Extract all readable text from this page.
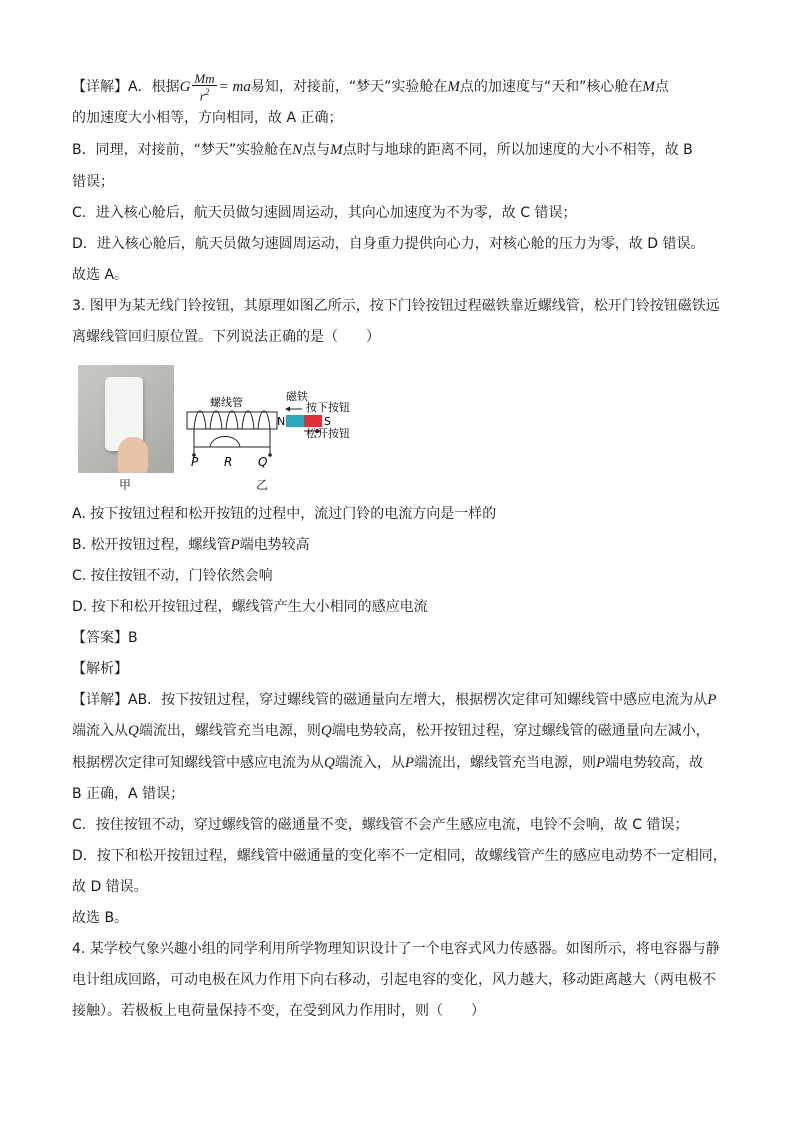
【详解】A．根据G $\frac{Mm}{r^2}$ = ma易知，对接前，“梦天”实验舱在M点的加速度与“天和”核心舱在M点
的加速度大小相等，方向相同，故 A 正确；
B．同理，对接前，“梦天”实验舱在N点与M点时与地球的距离不同，所以加速度的大小不相等，故 B
错误；
C．进入核心舱后，航天员做匀速圆周运动，其向心加速度为不为零，故 C 错误；
D．进入核心舱后，航天员做匀速圆周运动，自身重力提供向心力，对核心舱的压力为零，故 D 错误。
故选 A。
3. 图甲为某无线门铃按钮，其原理如图乙所示，按下门铃按钮过程磁铁靠近螺线管，松开门铃按钮磁铁远
离螺线管回归原位置。下列说法正确的是（　　）
甲
螺线管	磁铁
按下按钮
松开按钮
N	S
P R Q
乙
A. 按下按钮过程和松开按钮的过程中，流过门铃的电流方向是一样的
B. 松开按钮过程，螺线管P端电势较高
C. 按住按钮不动，门铃依然会响
D. 按下和松开按钮过程，螺线管产生大小相同的感应电流
【答案】B
【解析】
【详解】AB．按下按钮过程，穿过螺线管的磁通量向左增大，根据楞次定律可知螺线管中感应电流为从P
端流入从Q端流出，螺线管充当电源，则Q端电势较高，松开按钮过程，穿过螺线管的磁通量向左减小，
根据楞次定律可知螺线管中感应电流为从Q端流入，从P端流出，螺线管充当电源，则P端电势较高，故
B 正确，A 错误；
C．按住按钮不动，穿过螺线管的磁通量不变，螺线管不会产生感应电流，电铃不会响，故 C 错误；
D．按下和松开按钮过程，螺线管中磁通量的变化率不一定相同，故螺线管产生的感应电动势不一定相同，
故 D 错误。
故选 B。
4. 某学校气象兴趣小组的同学利用所学物理知识设计了一个电容式风力传感器。如图所示，将电容器与静
电计组成回路，可动电极在风力作用下向右移动，引起电容的变化，风力越大，移动距离越大（两电极不
接触）。若极板上电荷量保持不变，在受到风力作用时，则（　　）
